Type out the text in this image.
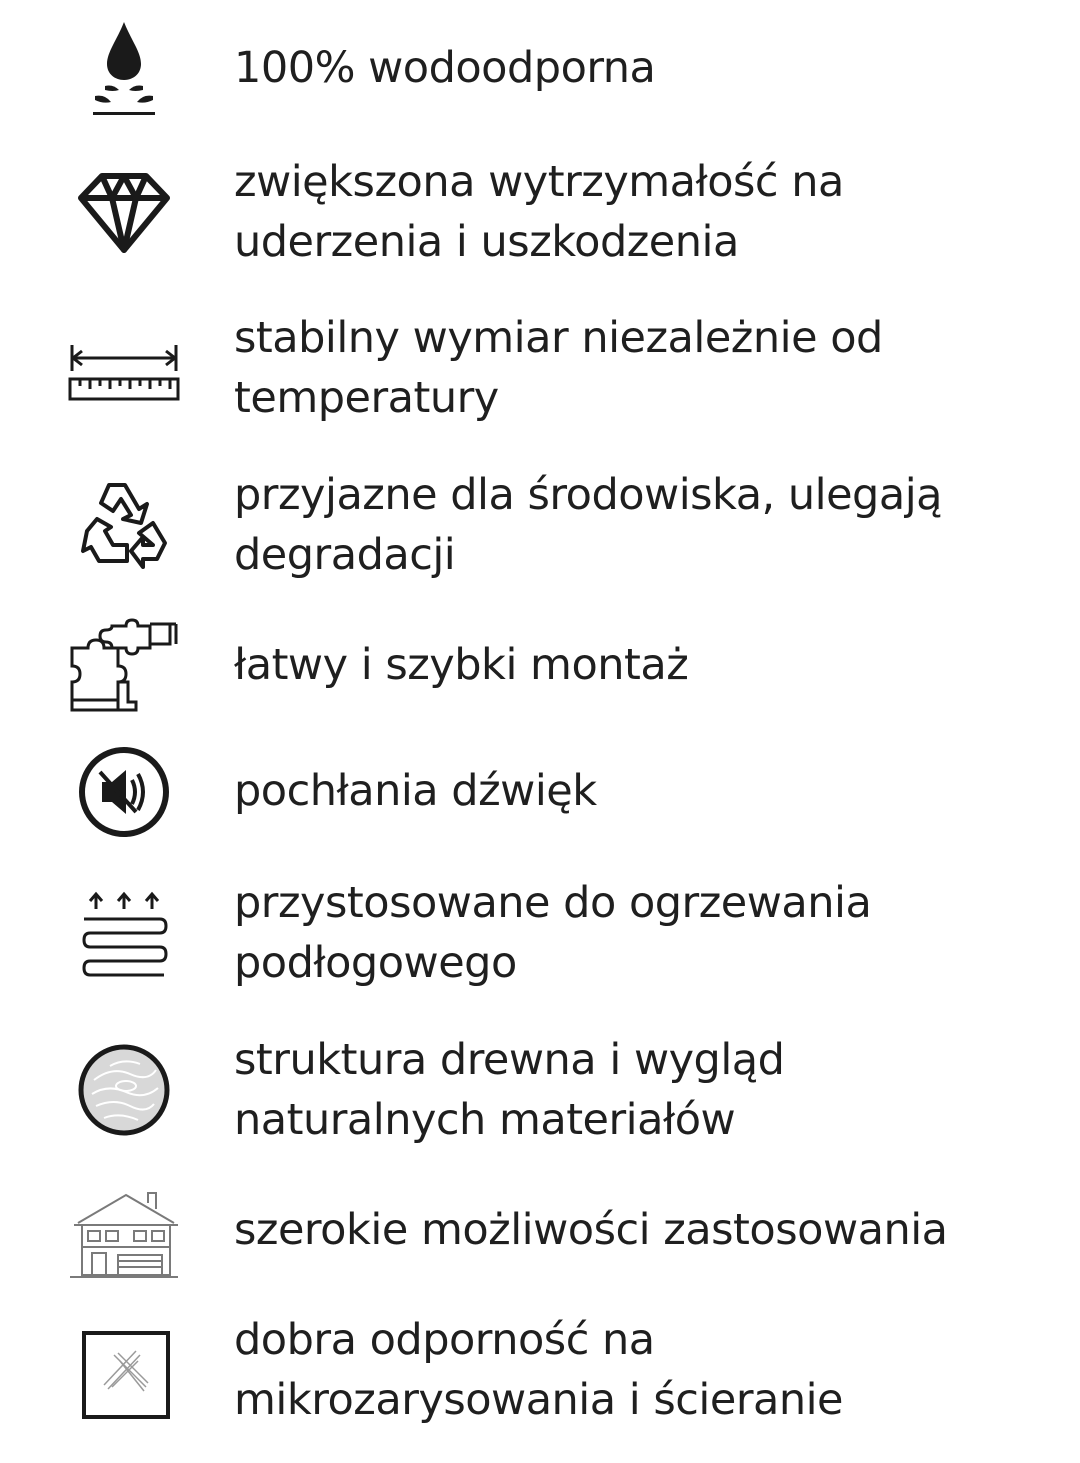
100% wodoodporna
zwiększona wytrzymałość na
uderzenia i uszkodzenia
stabilny wymiar niezależnie od
temperatury
przyjazne dla środowiska, ulegają
degradacji
łatwy i szybki montaż
pochłania dźwięk
przystosowane do ogrzewania
podłogowego
struktura drewna i wygląd
naturalnych materiałów
szerokie możliwości zastosowania
dobra odporność na
mikrozarysowania i ścieranie
